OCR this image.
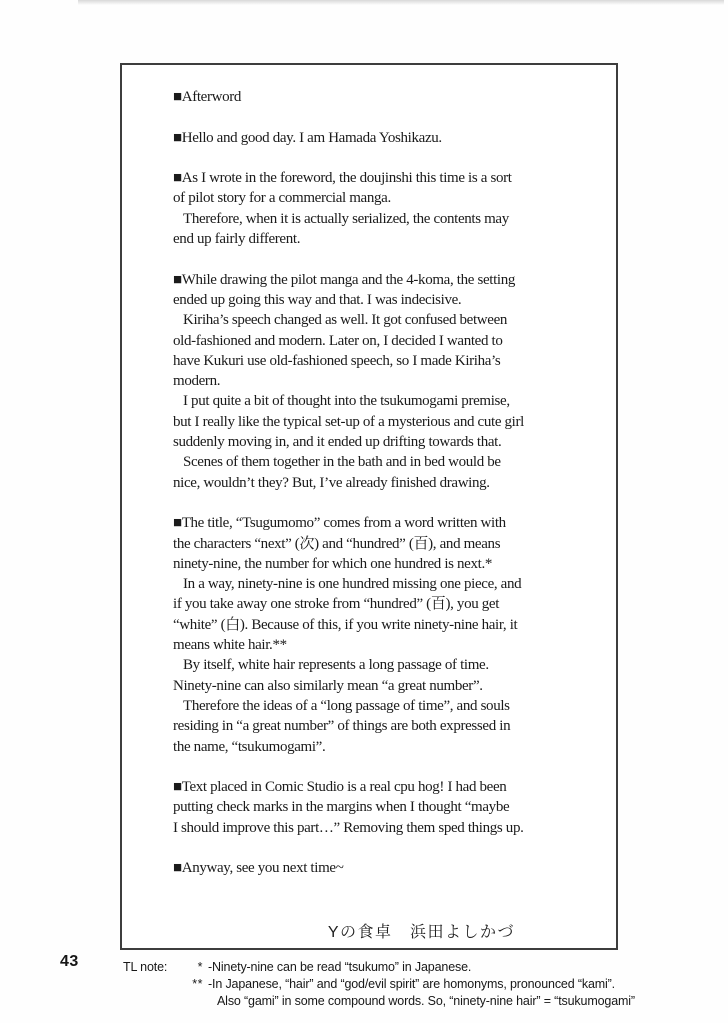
■Afterword
■Hello and good day. I am Hamada Yoshikazu.
■As I wrote in the foreword, the doujinshi this time is a sort
of pilot story for a commercial manga.
Therefore, when it is actually serialized, the contents may
end up fairly different.
■While drawing the pilot manga and the 4-koma, the setting
ended up going this way and that. I was indecisive.
Kiriha’s speech changed as well. It got confused between
old-fashioned and modern. Later on, I decided I wanted to
have Kukuri use old-fashioned speech, so I made Kiriha’s
modern.
I put quite a bit of thought into the tsukumogami premise,
but I really like the typical set-up of a mysterious and cute girl
suddenly moving in, and it ended up drifting towards that.
Scenes of them together in the bath and in bed would be
nice, wouldn’t they? But, I’ve already finished drawing.
■The title, “Tsugumomo” comes from a word written with
the characters “next” (次) and “hundred” (百), and means
ninety-nine, the number for which one hundred is next.*
In a way, ninety-nine is one hundred missing one piece, and
if you take away one stroke from “hundred” (百), you get
“white” (白). Because of this, if you write ninety-nine hair, it
means white hair.**
By itself, white hair represents a long passage of time.
Ninety-nine can also similarly mean “a great number”.
Therefore the ideas of a “long passage of time”, and souls
residing in “a great number” of things are both expressed in
the name, “tsukumogami”.
■Text placed in Comic Studio is a real cpu hog! I had been
putting check marks in the margins when I thought “maybe
I should improve this part…” Removing them sped things up.
■Anyway, see you next time~
Yの食卓　浜田よしかづ
43	TL note:	* -Ninety-nine can be read “tsukumo” in Japanese.
** -In Japanese, “hair” and “god/evil spirit” are homonyms, pronounced “kami”.
Also “gami” in some compound words. So, “ninety-nine hair” = “tsukumogami”
